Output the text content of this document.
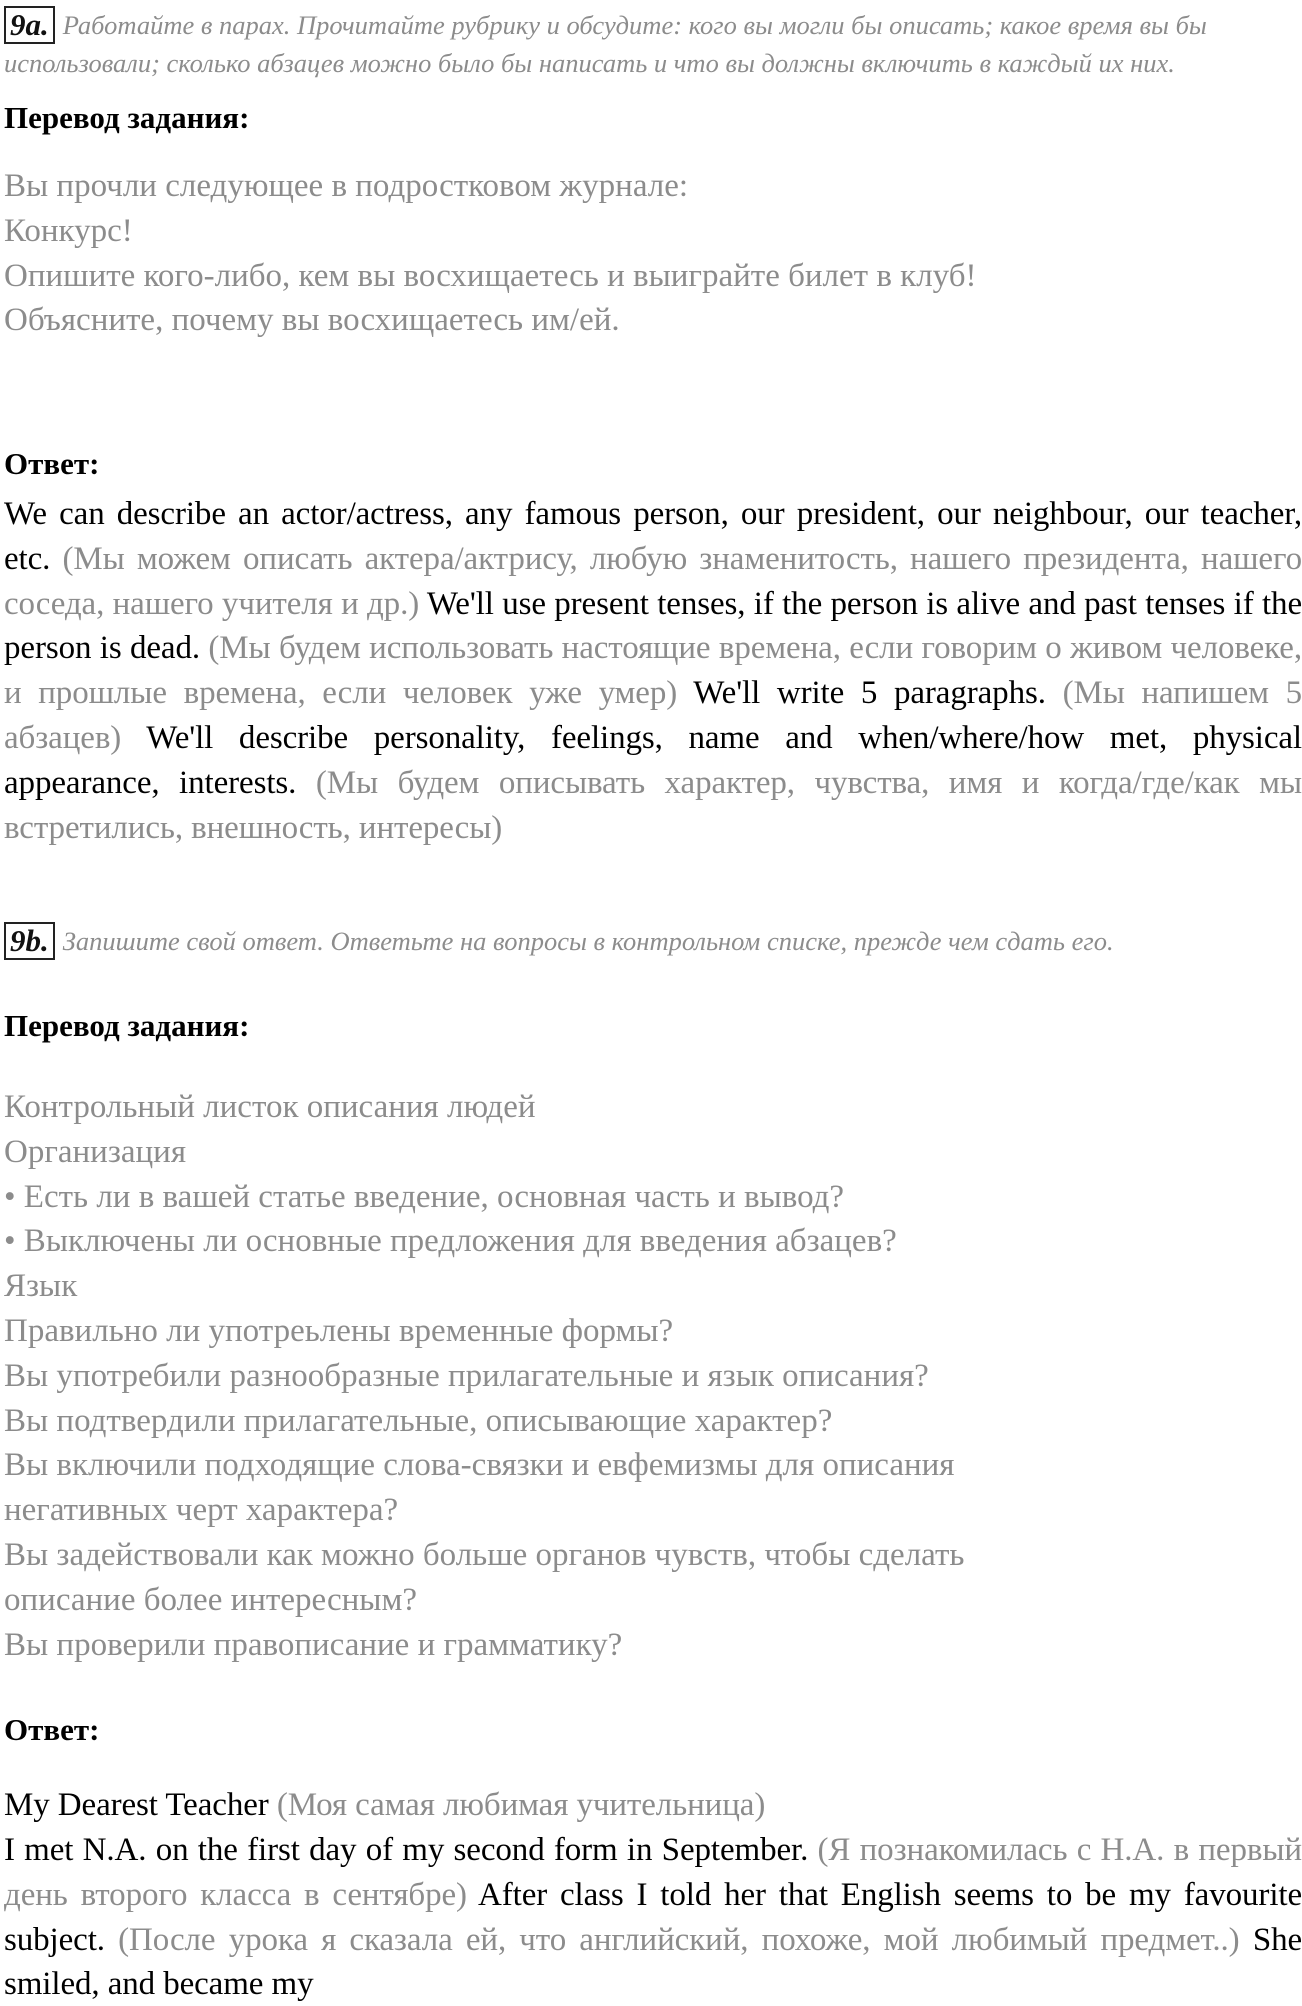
9a. Работайте в парах. Прочитайте рубрику и обсудите: кого вы могли бы описать; какое время вы бы использовали; сколько абзацев можно было бы написать и что вы должны включить в каждый их них.

Перевод задания:

Вы прочли следующее в подростковом журнале:
Конкурс!
Опишите кого-либо, кем вы восхищаетесь и выиграйте билет в клуб!
Объясните, почему вы восхищаетесь им/ей.

Ответ:

We can describe an actor/actress, any famous person, our president, our neighbour, our teacher, etc. (Мы можем описать актера/актрису, любую знаменитость, нашего президента, нашего соседа, нашего учителя и др.) We'll use present tenses, if the person is alive and past tenses if the person is dead. (Мы будем использовать настоящие времена, если говорим о живом человеке, и прошлые времена, если человек уже умер) We'll write 5 paragraphs. (Мы напишем 5 абзацев) We'll describe personality, feelings, name and when/where/how met, physical appearance, interests. (Мы будем описывать характер, чувства, имя и когда/где/как мы встретились, внешность, интересы)

9b. Запишите свой ответ. Ответьте на вопросы в контрольном списке, прежде чем сдать его.

Перевод задания:

Контрольный листок описания людей
Организация
• Есть ли в вашей статье введение, основная часть и вывод?
• Выключены ли основные предложения для введения абзацев?
Язык
Правильно ли употреьлены временные формы?
Вы употребили разнообразные прилагательные и язык описания?
Вы подтвердили прилагательные, описывающие характер?
Вы включили подходящие слова-связки и евфемизмы для описания
негативных черт характера?
Вы задействовали как можно больше органов чувств, чтобы сделать
описание более интересным?
Вы проверили правописание и грамматику?

Ответ:

My Dearest Teacher (Моя самая любимая учительница)

I met N.A. on the first day of my second form in September. (Я познакомилась с Н.А. в первый день второго класса в сентябре) After class I told her that English seems to be my favourite subject. (После урока я сказала ей, что английский, похоже, мой любимый предмет..) She smiled, and became my
